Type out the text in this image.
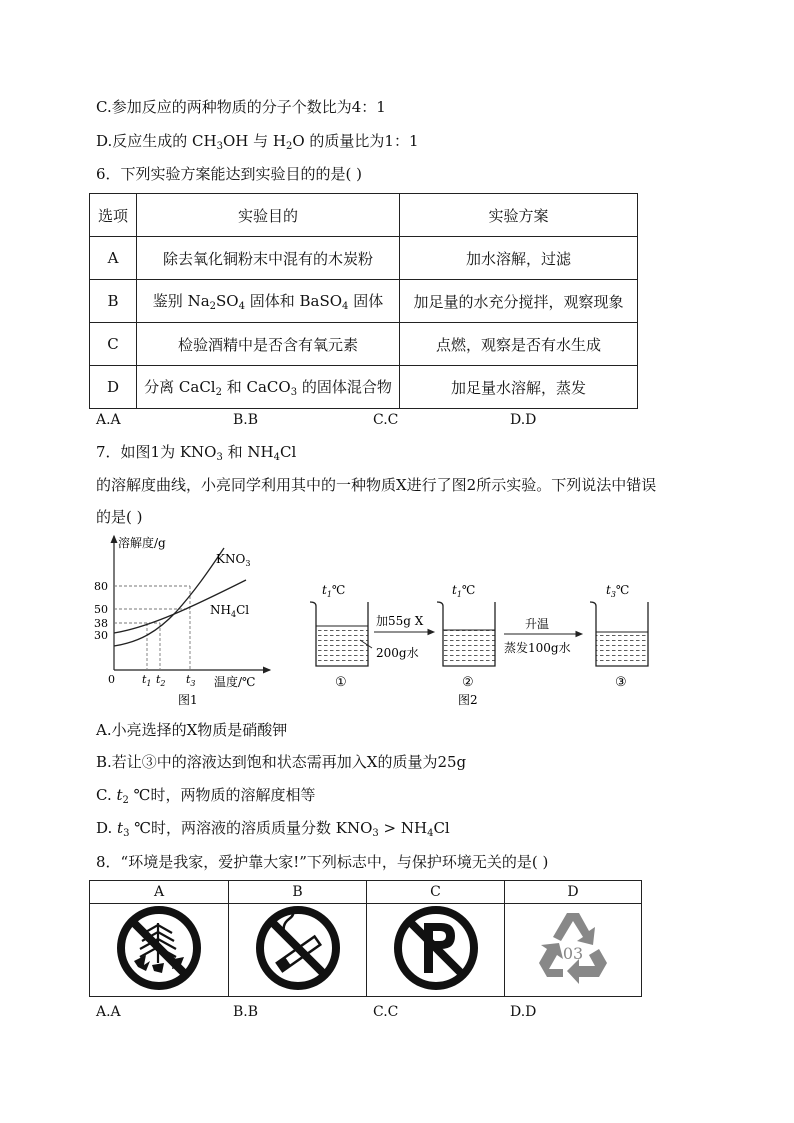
C.参加反应的两种物质的分子个数比为4：1
D.反应生成的 $CH_3OH$ 与 $H_2O$ 的质量比为1：1
6．下列实验方案能达到实验目的的是( )
选项	实验目的	实验方案
A	除去氧化铜粉末中混有的木炭粉	加水溶解，过滤
B	鉴别 $Na_2SO_4$ 固体和 BaSO$_4$ 固体	加足量的水充分搅拌，观察现象
C	检验酒精中是否含有氧元素	点燃，观察是否有水生成
D	分离 CaCl$_2$ 和 CaCO$_3$ 的固体混合物	加足量水溶解，蒸发
A.A	B.B	C.C	D.D
7．如图1为 $KNO_3$ 和 $NH_4Cl$
的溶解度曲线，小亮同学利用其中的一种物质X进行了图2所示实验。下列说法中错误
的是( )
溶解度/g
温度/℃
0
80
50
38
30
$t_1$ $t_2$ $t_3$
$KNO_3$
$NH_4Cl$
图1
$t_1℃$	$t_1℃$	$t_3℃$
200g水
加55g X	升温
蒸发100g水
①	②	③
图2
A.小亮选择的X物质是硝酸钾
B.若让③中的溶液达到饱和状态需再加入X的质量为25g
C. $t_2$ ℃时，两物质的溶解度相等
D. $t_3$ ℃时，两溶液的溶质质量分数 $KNO_3 > NH_4Cl$
8．“环境是我家，爱护靠大家!”下列标志中，与保护环境无关的是( )
A	B	C	D

03
A.A	B.B	C.C	D.D
